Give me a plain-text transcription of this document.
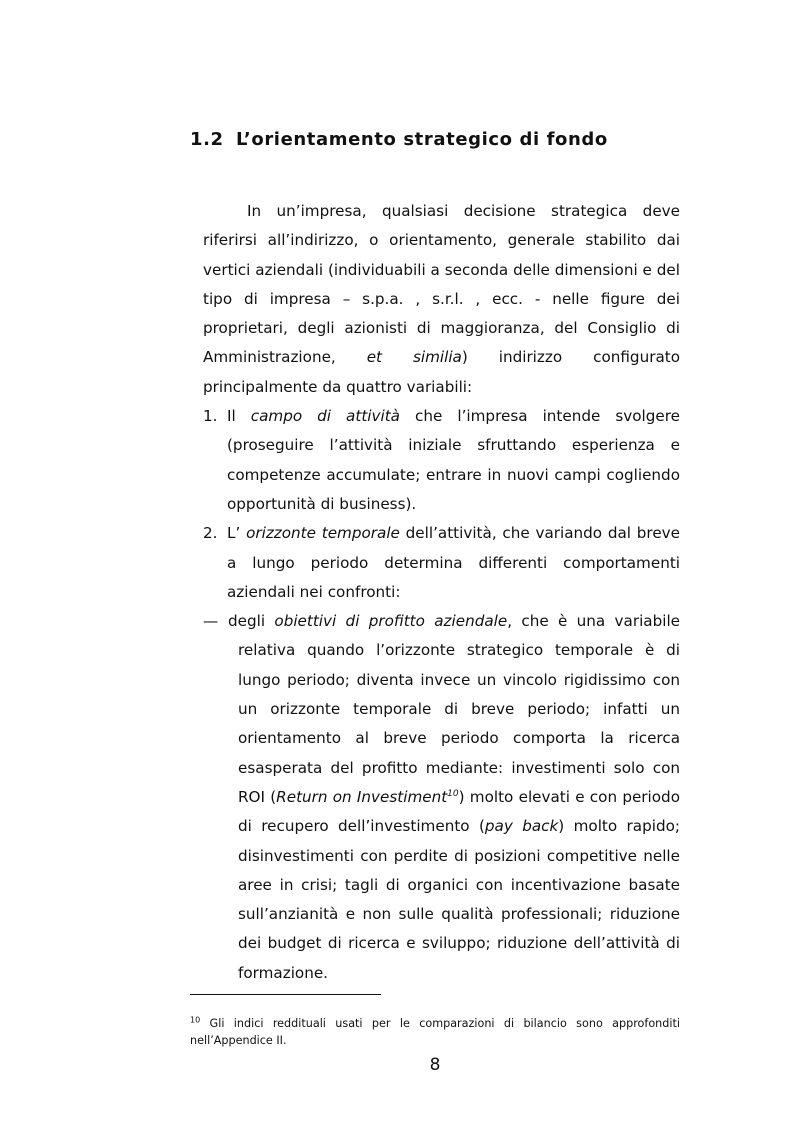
1.2 L’orientamento strategico di fondo

In un’impresa, qualsiasi decisione strategica deve riferirsi all’indirizzo, o orientamento, generale stabilito dai vertici aziendali (individuabili a seconda delle dimensioni e del tipo di impresa – s.p.a. , s.r.l. , ecc. - nelle figure dei proprietari, degli azionisti di maggioranza, del Consiglio di Amministrazione, et similia) indirizzo configurato principalmente da quattro variabili:

1. Il campo di attività che l’impresa intende svolgere (proseguire l’attività iniziale sfruttando esperienza e competenze accumulate; entrare in nuovi campi cogliendo opportunità di business).
2. L’ orizzonte temporale dell’attività, che variando dal breve a lungo periodo determina differenti comportamenti aziendali nei confronti:
— degli obiettivi di profitto aziendale, che è una variabile relativa quando l’orizzonte strategico temporale è di lungo periodo; diventa invece un vincolo rigidissimo con un orizzonte temporale di breve periodo; infatti un orientamento al breve periodo comporta la ricerca esasperata del profitto mediante: investimenti solo con ROI (Return on Investiment$^{10}$) molto elevati e con periodo di recupero dell’investimento (pay back) molto rapido; disinvestimenti con perdite di posizioni competitive nelle aree in crisi; tagli di organici con incentivazione basate sull’anzianità e non sulle qualità professionali; riduzione dei budget di ricerca e sviluppo; riduzione dell’attività di formazione.
$^{10}$ Gli indici reddituali usati per le comparazioni di bilancio sono approfonditi nell’Appendice II.
8
